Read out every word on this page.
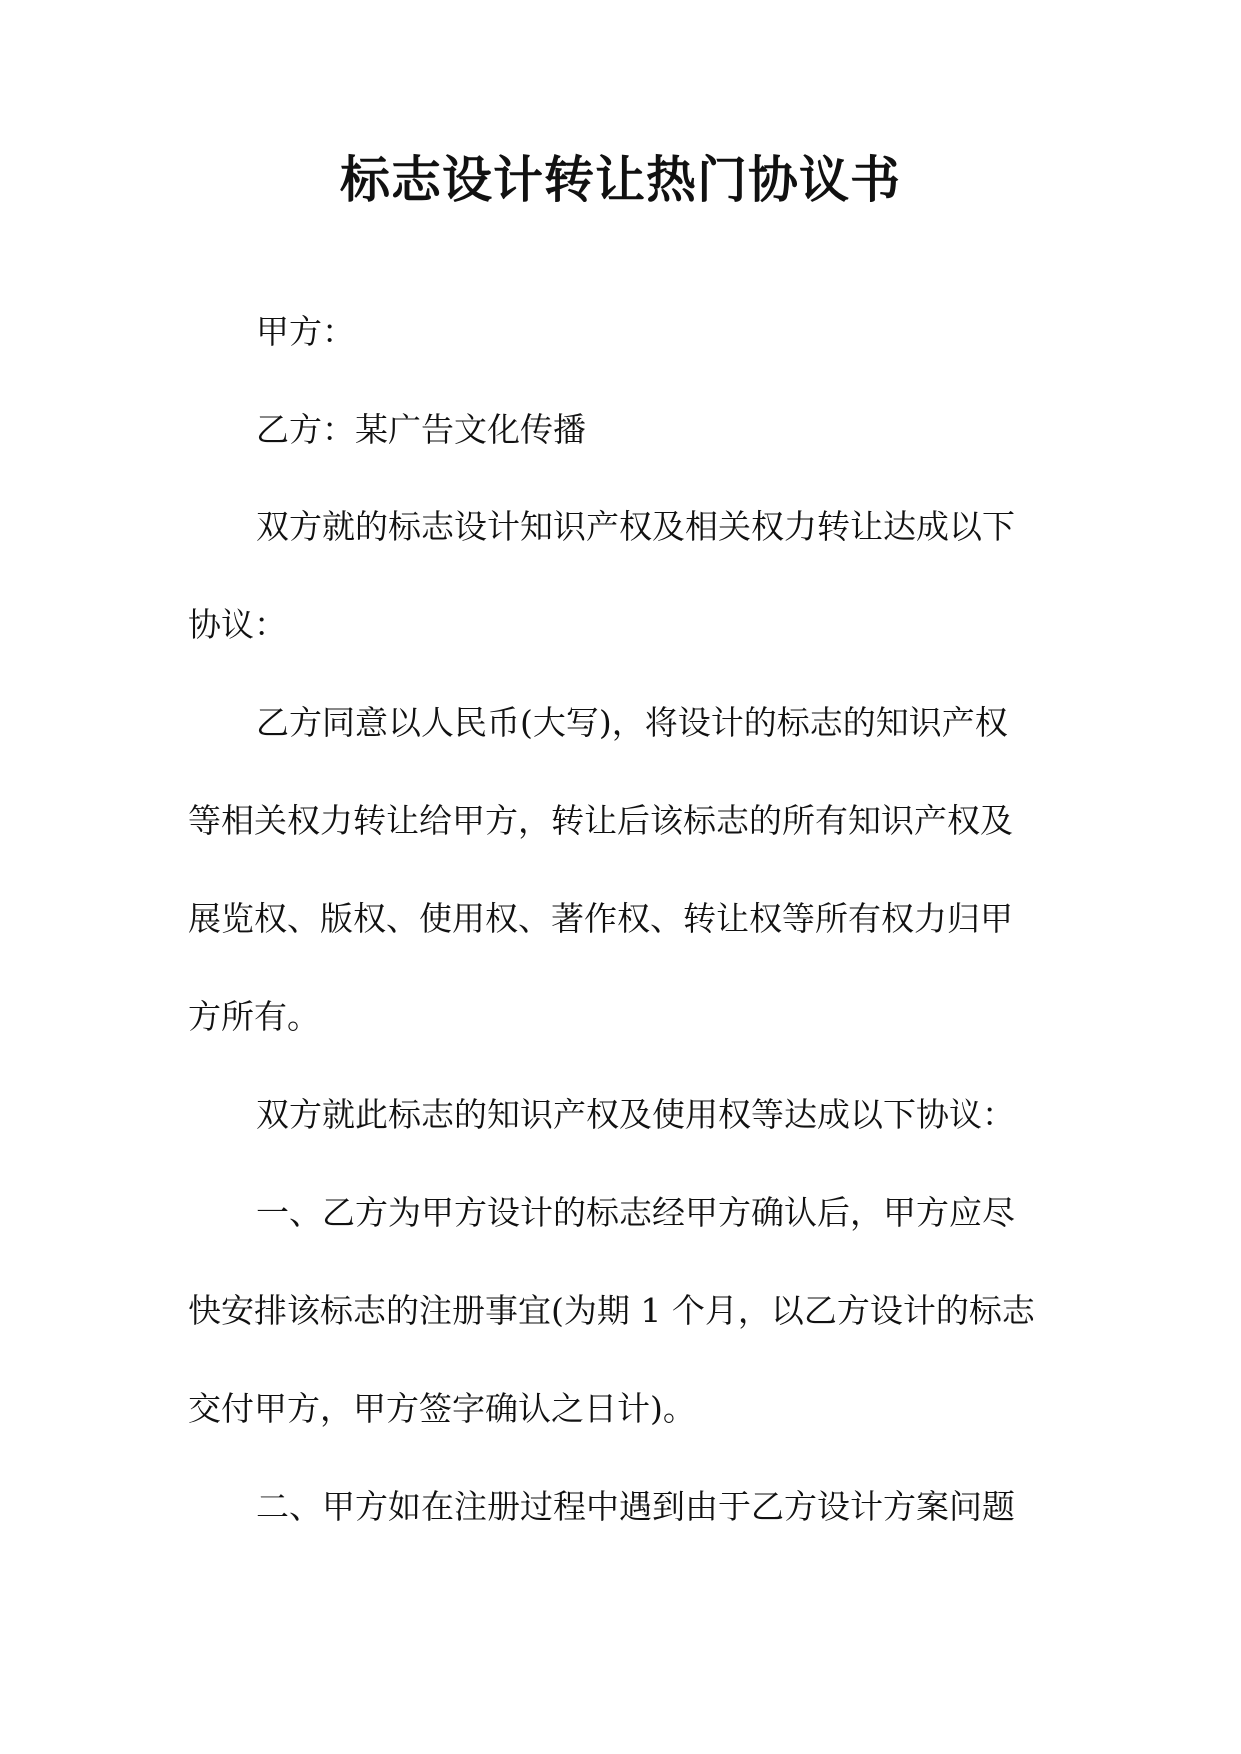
标志设计转让热门协议书
甲方：
乙方：某广告文化传播
双方就的标志设计知识产权及相关权力转让达成以下
协议：
乙方同意以人民币(大写)，将设计的标志的知识产权
等相关权力转让给甲方，转让后该标志的所有知识产权及
展览权、版权、使用权、著作权、转让权等所有权力归甲
方所有。
双方就此标志的知识产权及使用权等达成以下协议：
一、乙方为甲方设计的标志经甲方确认后，甲方应尽
快安排该标志的注册事宜(为期 1 个月，以乙方设计的标志
交付甲方，甲方签字确认之日计)。
二、甲方如在注册过程中遇到由于乙方设计方案问题
